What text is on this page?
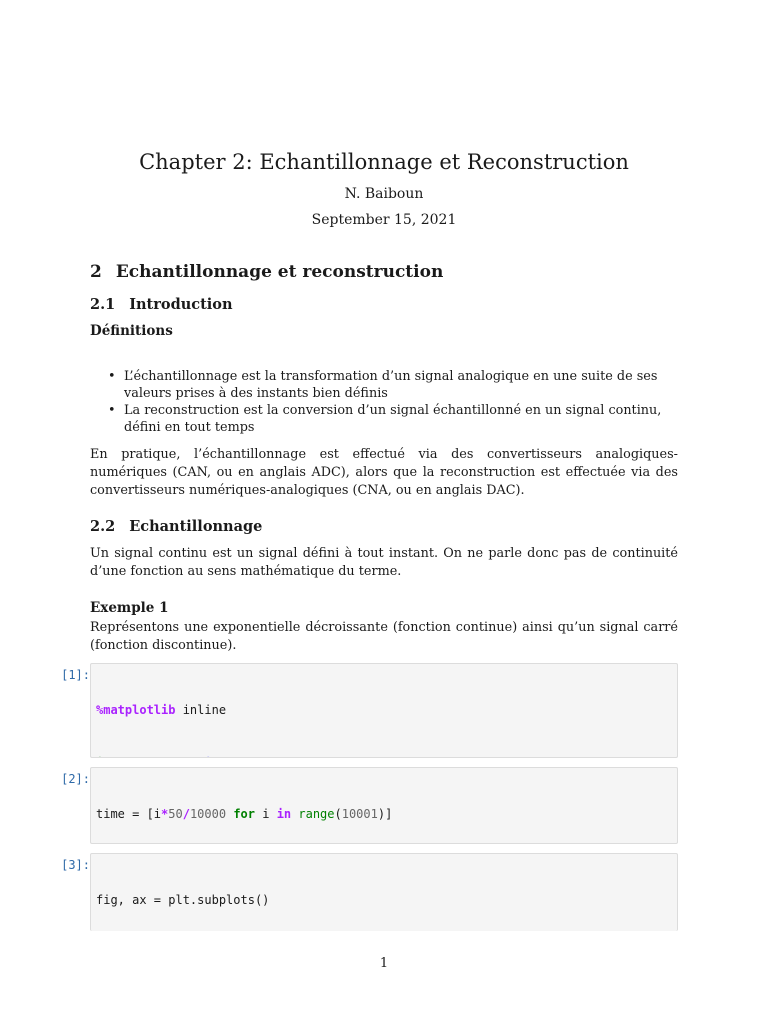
Chapter 2: Echantillonnage et Reconstruction
N. Baiboun
September 15, 2021
2 Echantillonnage et reconstruction
2.1 Introduction
Définitions
• L’échantillonnage est la transformation d’un signal analogique en une suite de ses valeurs prises à des instants bien définis
• La reconstruction est la conversion d’un signal échantillonné en un signal continu, défini en tout temps
En pratique, l’échantillonnage est effectué via des convertisseurs analogiques-numériques (CAN, ou en anglais ADC), alors que la reconstruction est effectuée via des convertisseurs numériques-analogiques (CNA, ou en anglais DAC).
2.2 Echantillonnage
Un signal continu est un signal défini à tout instant. On ne parle donc pas de continuité d’une fonction au sens mathématique du terme.
Exemple 1
Représentons une exponentielle décroissante (fonction continue) ainsi qu’un signal carré (fonction discontinue).
[1]:

%matplotlib inline

[2]:

time = [i*50/10000 for i in range(10001)]

[3]:

fig, ax = plt.subplots()

1
